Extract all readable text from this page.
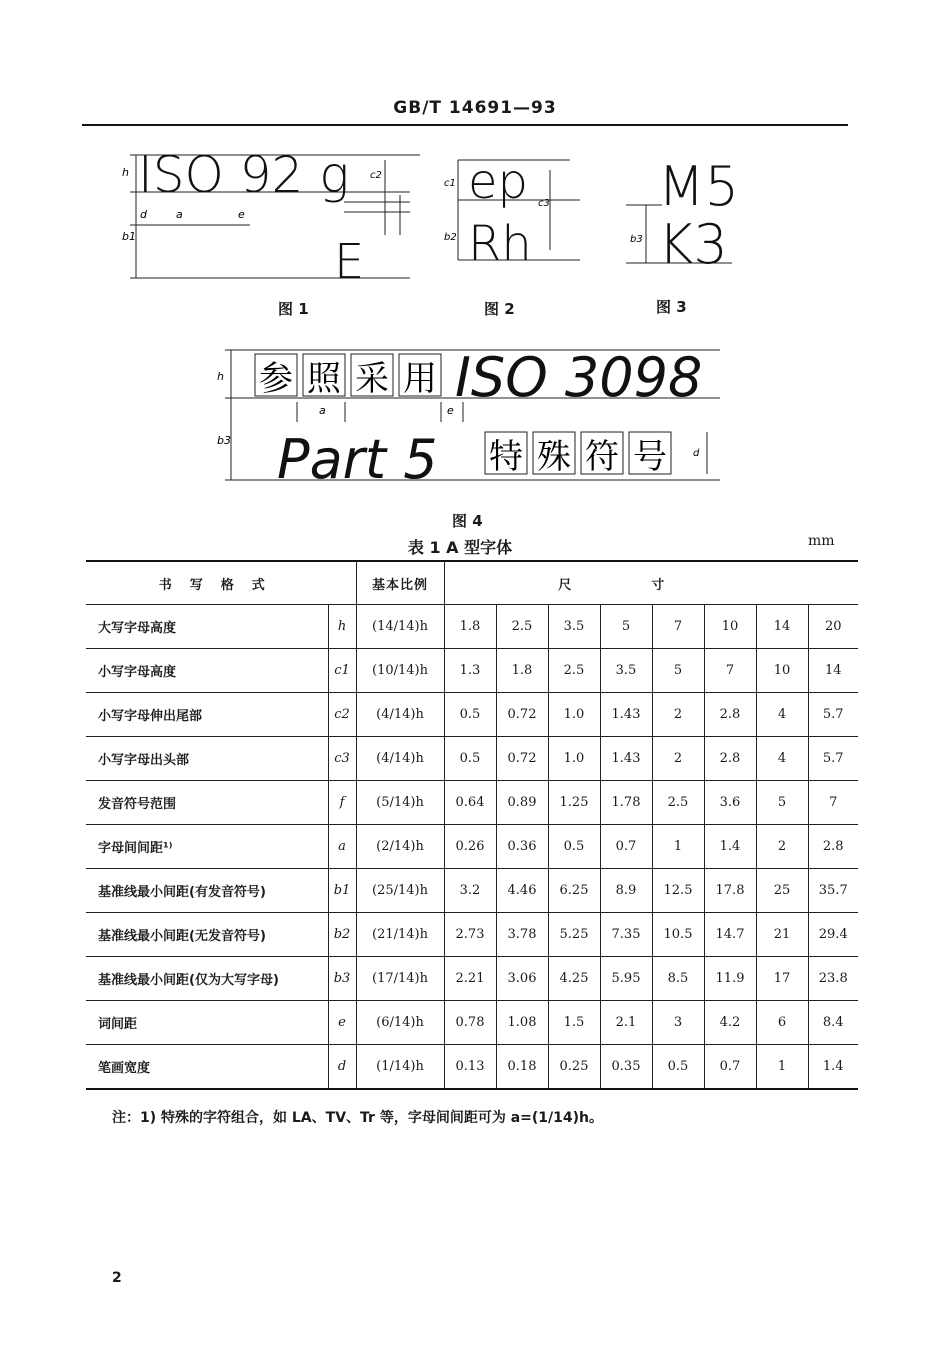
GB/T 14691—93
h
b1
d	a	e
c2
ISO 92 g
E
图 1
c1
b2
c3
ep
Rh
图 2
b3
M5
K3
图 3
h
b3
a	e
d
参 照 采 用 ISO 3098
Part 5 特 殊 符 号
图 4
表 1 A 型字体	mm
书写格式		基本比例	尺寸							
大写字母高度	h	(14/14)h	1.8	2.5	3.5	5	7	10	14	20
小写字母高度	c1	(10/14)h	1.3	1.8	2.5	3.5	5	7	10	14
小写字母伸出尾部	c2	(4/14)h	0.5	0.72	1.0	1.43	2	2.8	4	5.7
小写字母出头部	c3	(4/14)h	0.5	0.72	1.0	1.43	2	2.8	4	5.7
发音符号范围	f	(5/14)h	0.64	0.89	1.25	1.78	2.5	3.6	5	7
字母间间距¹⁾	a	(2/14)h	0.26	0.36	0.5	0.7	1	1.4	2	2.8
基准线最小间距(有发音符号)	b1	(25/14)h	3.2	4.46	6.25	8.9	12.5	17.8	25	35.7
基准线最小间距(无发音符号)	b2	(21/14)h	2.73	3.78	5.25	7.35	10.5	14.7	21	29.4
基准线最小间距(仅为大写字母)	b3	(17/14)h	2.21	3.06	4.25	5.95	8.5	11.9	17	23.8
词间距	e	(6/14)h	0.78	1.08	1.5	2.1	3	4.2	6	8.4
笔画宽度	d	(1/14)h	0.13	0.18	0.25	0.35	0.5	0.7	1	1.4
注：1) 特殊的字符组合，如 LA、TV、Tr 等，字母间间距可为 a=(1/14)h。
2
